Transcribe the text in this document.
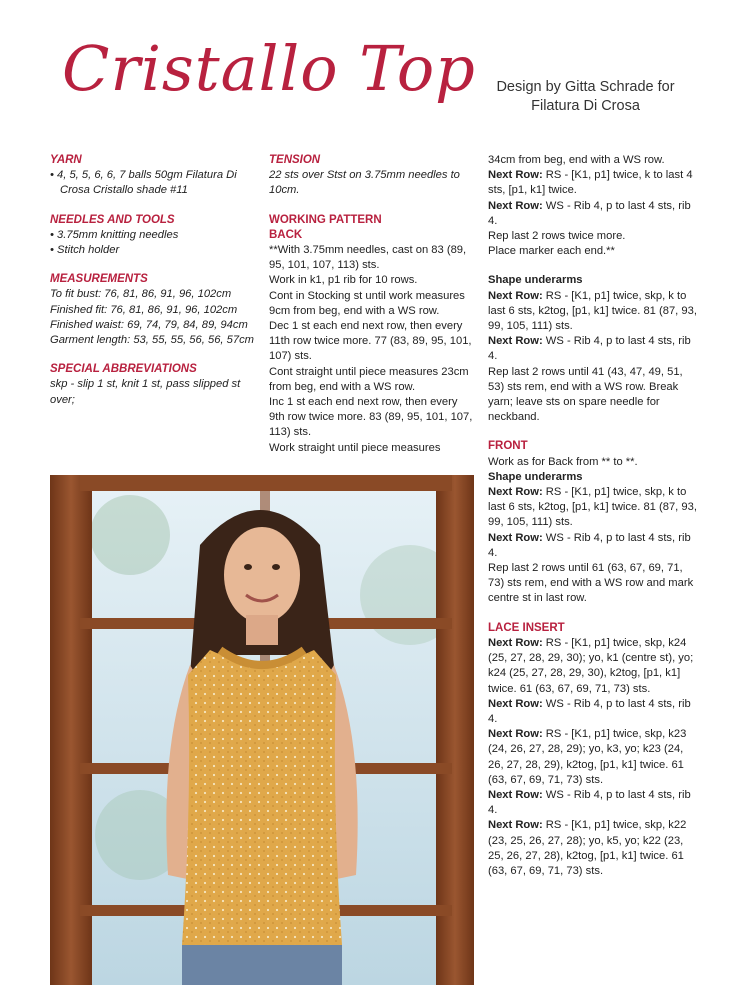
Cristallo Top	Design by Gitta Schrade for
Filatura Di Crosa
YARN

• 4, 5, 5, 6, 6, 7 balls 50gm Filatura Di Crosa Cristallo shade #11

NEEDLES AND TOOLS

• 3.75mm knitting needles

• Stitch holder

MEASUREMENTS

To fit bust: 76, 81, 86, 91, 96, 102cm

Finished fit: 76, 81, 86, 91, 96, 102cm

Finished waist: 69, 74, 79, 84, 89, 94cm

Garment length: 53, 55, 55, 56, 56, 57cm

SPECIAL ABBREVIATIONS

skp - slip 1 st, knit 1 st, pass slipped st over;

TENSION

22 sts over Stst on 3.75mm needles to 10cm.

WORKING PATTERN
BACK

**With 3.75mm needles, cast on 83 (89, 95, 101, 107, 113) sts.

Work in k1, p1 rib for 10 rows.

Cont in Stocking st until work measures 9cm from beg, end with a WS row.

Dec 1 st each end next row, then every 11th row twice more. 77 (83, 89, 95, 101, 107) sts.

Cont straight until piece measures 23cm from beg, end with a WS row.

Inc 1 st each end next row, then every 9th row twice more. 83 (89, 95, 101, 107, 113) sts.

Work straight until piece measures

34cm from beg, end with a WS row.

Next Row: RS - [K1, p1] twice, k to last 4 sts, [p1, k1] twice.

Next Row: WS - Rib 4, p to last 4 sts, rib 4.

Rep last 2 rows twice more.

Place marker each end.**

Shape underarms

Next Row: RS - [K1, p1] twice, skp, k to last 6 sts, k2tog, [p1, k1] twice. 81 (87, 93, 99, 105, 111) sts.

Next Row: WS - Rib 4, p to last 4 sts, rib 4.

Rep last 2 rows until 41 (43, 47, 49, 51, 53) sts rem, end with a WS row. Break yarn; leave sts on spare needle for neckband.

FRONT

Work as for Back from ** to **.

Shape underarms

Next Row: RS - [K1, p1] twice, skp, k to last 6 sts, k2tog, [p1, k1] twice. 81 (87, 93, 99, 105, 111) sts.

Next Row: WS - Rib 4, p to last 4 sts, rib 4.

Rep last 2 rows until 61 (63, 67, 69, 71, 73) sts rem, end with a WS row and mark centre st in last row.

LACE INSERT

Next Row: RS - [K1, p1] twice, skp, k24 (25, 27, 28, 29, 30); yo, k1 (centre st), yo; k24 (25, 27, 28, 29, 30), k2tog, [p1, k1] twice. 61 (63, 67, 69, 71, 73) sts.

Next Row: WS - Rib 4, p to last 4 sts, rib 4.

Next Row: RS - [K1, p1] twice, skp, k23 (24, 26, 27, 28, 29); yo, k3, yo; k23 (24, 26, 27, 28, 29), k2tog, [p1, k1] twice. 61 (63, 67, 69, 71, 73) sts.

Next Row: WS - Rib 4, p to last 4 sts, rib 4.

Next Row: RS - [K1, p1] twice, skp, k22 (23, 25, 26, 27, 28); yo, k5, yo; k22 (23, 25, 26, 27, 28), k2tog, [p1, k1] twice. 61 (63, 67, 69, 71, 73) sts.
